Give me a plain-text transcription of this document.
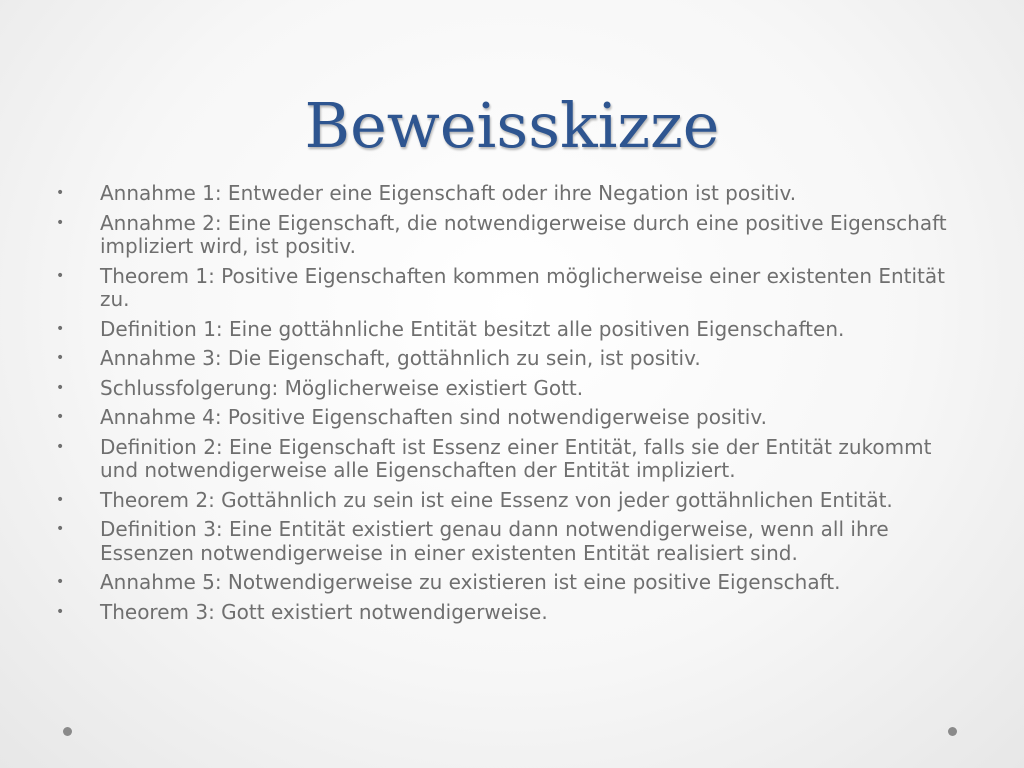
Beweisskizze
•	Annahme 1: Entweder eine Eigenschaft oder ihre Negation ist positiv.
•	Annahme 2: Eine Eigenschaft, die notwendigerweise durch eine positive Eigenschaft impliziert wird, ist positiv.
•	Theorem 1: Positive Eigenschaften kommen möglicherweise einer existenten Entität zu.
•	Definition 1: Eine gottähnliche Entität besitzt alle positiven Eigenschaften.
•	Annahme 3: Die Eigenschaft, gottähnlich zu sein, ist positiv.
•	Schlussfolgerung: Möglicherweise existiert Gott.
•	Annahme 4: Positive Eigenschaften sind notwendigerweise positiv.
•	Definition 2: Eine Eigenschaft ist Essenz einer Entität, falls sie der Entität zukommt und notwendigerweise alle Eigenschaften der Entität impliziert.
•	Theorem 2: Gottähnlich zu sein ist eine Essenz von jeder gottähnlichen Entität.
•	Definition 3: Eine Entität existiert genau dann notwendigerweise, wenn all ihre Essenzen notwendigerweise in einer existenten Entität realisiert sind.
•	Annahme 5: Notwendigerweise zu existieren ist eine positive Eigenschaft.
•	Theorem 3: Gott existiert notwendigerweise.
